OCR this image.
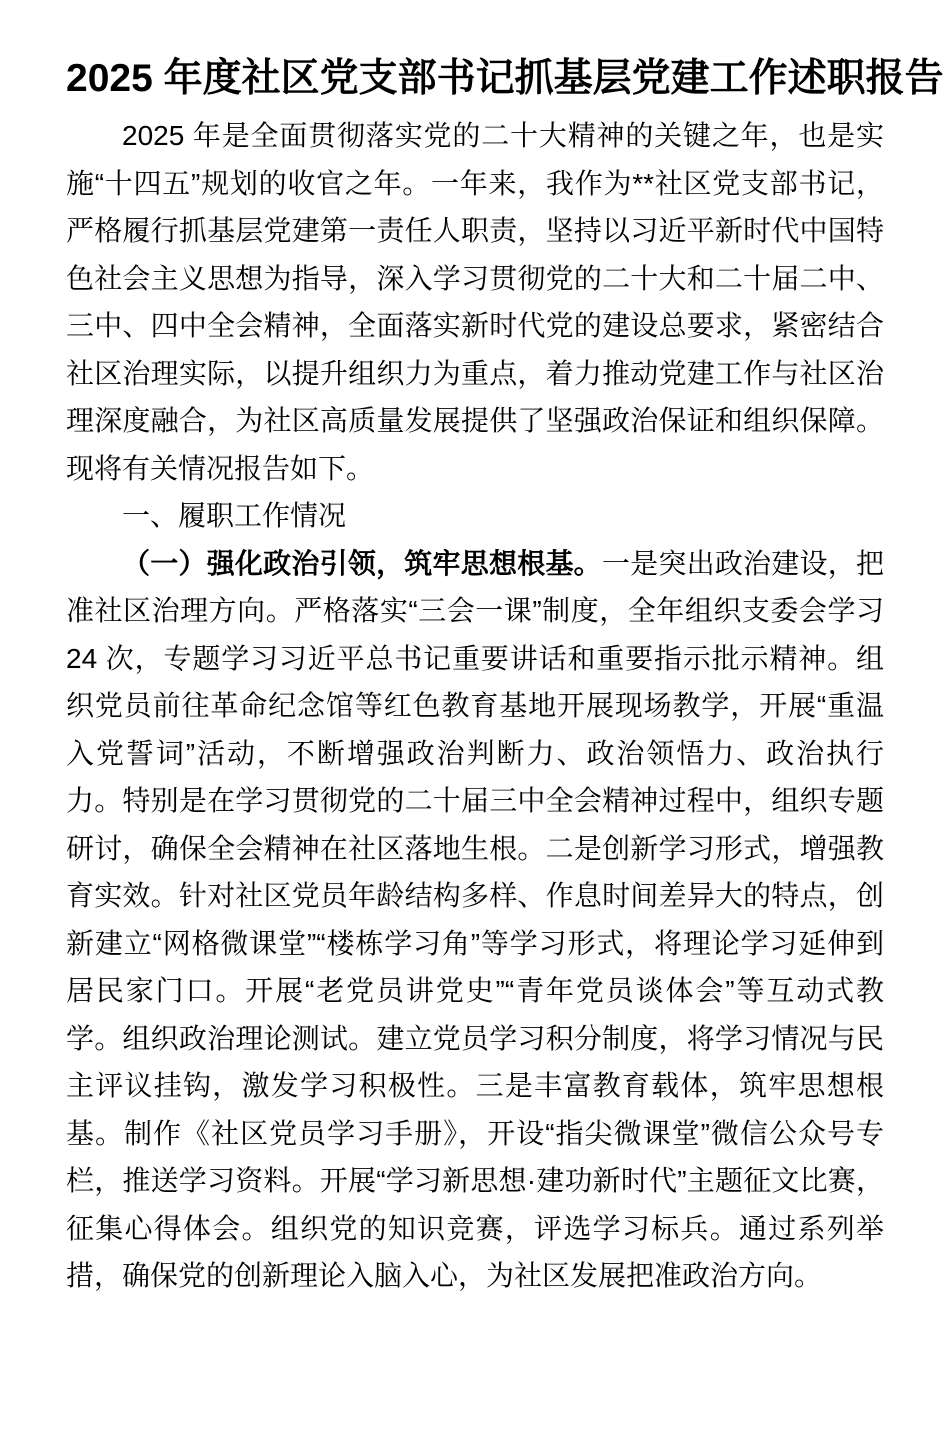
2025 年度社区党支部书记抓基层党建工作述职报告

2025 年是全面贯彻落实党的二十大精神的关键之年，也是实施“十四五”规划的收官之年。一年来，我作为**社区党支部书记，严格履行抓基层党建第一责任人职责，坚持以习近平新时代中国特色社会主义思想为指导，深入学习贯彻党的二十大和二十届二中、三中、四中全会精神，全面落实新时代党的建设总要求，紧密结合社区治理实际，以提升组织力为重点，着力推动党建工作与社区治理深度融合，为社区高质量发展提供了坚强政治保证和组织保障。现将有关情况报告如下。

一、履职工作情况

（一）强化政治引领，筑牢思想根基。一是突出政治建设，把准社区治理方向。严格落实“三会一课”制度，全年组织支委会学习 24 次，专题学习习近平总书记重要讲话和重要指示批示精神。组织党员前往革命纪念馆等红色教育基地开展现场教学，开展“重温入党誓词”活动，不断增强政治判断力、政治领悟力、政治执行力。特别是在学习贯彻党的二十届三中全会精神过程中，组织专题研讨，确保全会精神在社区落地生根。二是创新学习形式，增强教育实效。针对社区党员年龄结构多样、作息时间差异大的特点，创新建立“网格微课堂”“楼栋学习角”等学习形式，将理论学习延伸到居民家门口。开展“老党员讲党史”“青年党员谈体会”等互动式教学。组织政治理论测试。建立党员学习积分制度，将学习情况与民主评议挂钩，激发学习积极性。三是丰富教育载体，筑牢思想根基。制作《社区党员学习手册》，开设“指尖微课堂”微信公众号专栏，推送学习资料。开展“学习新思想·建功新时代”主题征文比赛，征集心得体会。组织党的知识竞赛，评选学习标兵。通过系列举措，确保党的创新理论入脑入心，为社区发展把准政治方向。
